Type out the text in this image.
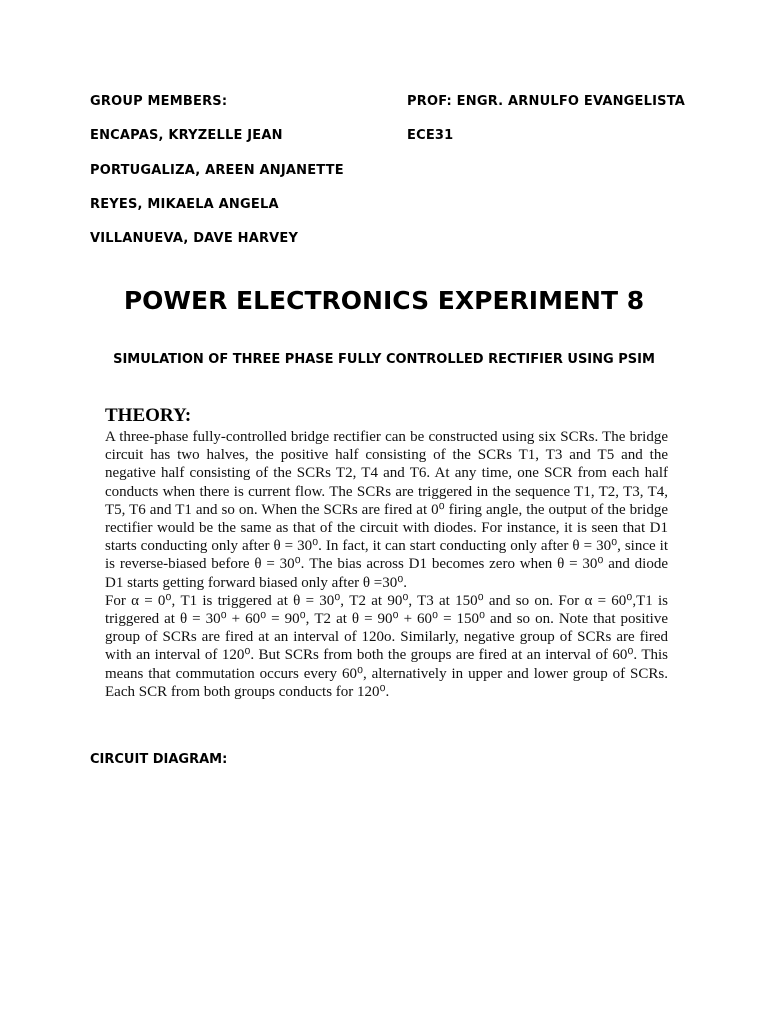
GROUP MEMBERS:	PROF: ENGR. ARNULFO EVANGELISTA
ENCAPAS, KRYZELLE JEAN	ECE31
PORTUGALIZA, AREEN ANJANETTE
REYES, MIKAELA ANGELA
VILLANUEVA, DAVE HARVEY
POWER ELECTRONICS EXPERIMENT 8
SIMULATION OF THREE PHASE FULLY CONTROLLED RECTIFIER USING PSIM
THEORY:

A three-phase fully-controlled bridge rectifier can be constructed using six SCRs. The bridge circuit has two halves, the positive half consisting of the SCRs T1, T3 and T5 and the negative half consisting of the SCRs T2, T4 and T6. At any time, one SCR from each half conducts when there is current flow. The SCRs are triggered in the sequence T1, T2, T3, T4, T5, T6 and T1 and so on. When the SCRs are fired at 0⁰ firing angle, the output of the bridge rectifier would be the same as that of the circuit with diodes. For instance, it is seen that D1 starts conducting only after θ = 30⁰. In fact, it can start conducting only after θ = 30⁰, since it is reverse-biased before θ = 30⁰. The bias across D1 becomes zero when θ = 30⁰ and diode D1 starts getting forward biased only after θ =30⁰.

For α = 0⁰, T1 is triggered at θ = 30⁰, T2 at 90⁰, T3 at 150⁰ and so on. For α = 60⁰,T1 is triggered at θ = 30⁰ + 60⁰ = 90⁰, T2 at θ = 90⁰ + 60⁰ = 150⁰ and so on. Note that positive group of SCRs are fired at an interval of 120o. Similarly, negative group of SCRs are fired with an interval of 120⁰. But SCRs from both the groups are fired at an interval of 60⁰. This means that commutation occurs every 60⁰, alternatively in upper and lower group of SCRs. Each SCR from both groups conducts for 120⁰.

CIRCUIT DIAGRAM:
